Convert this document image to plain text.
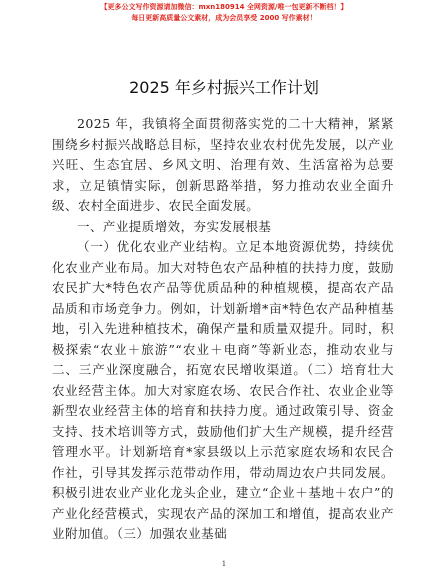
【更多公文写作资源请加微信：mxn180914 全网资源/唯一包更新不断档！】
每日更新高质量公文素材，成为会员享受 2000 写作素材！
2025 年乡村振兴工作计划

2025 年，我镇将全面贯彻落实党的二十大精神，紧紧围绕乡村振兴战略总目标，坚持农业农村优先发展，以产业兴旺、生态宜居、乡风文明、治理有效、生活富裕为总要求，立足镇情实际，创新思路举措，努力推动农业全面升级、农村全面进步、农民全面发展。

一、产业提质增效，夯实发展根基

（一）优化农业产业结构。立足本地资源优势，持续优化农业产业布局。加大对特色农产品种植的扶持力度，鼓励农民扩大*特色农产品等优质品种的种植规模，提高农产品品质和市场竞争力。例如，计划新增*亩*特色农产品种植基地，引入先进种植技术，确保产量和质量双提升。同时，积极探索“农业＋旅游”“农业＋电商”等新业态，推动农业与二、三产业深度融合，拓宽农民增收渠道。（二）培育壮大农业经营主体。加大对家庭农场、农民合作社、农业企业等新型农业经营主体的培育和扶持力度。通过政策引导、资金支持、技术培训等方式，鼓励他们扩大生产规模，提升经营管理水平。计划新培育*家县级以上示范家庭农场和农民合作社，引导其发挥示范带动作用，带动周边农户共同发展。积极引进农业产业化龙头企业，建立“企业＋基地＋农户”的产业化经营模式，实现农产品的深加工和增值，提高农业产业附加值。（三）加强农业基础

1
